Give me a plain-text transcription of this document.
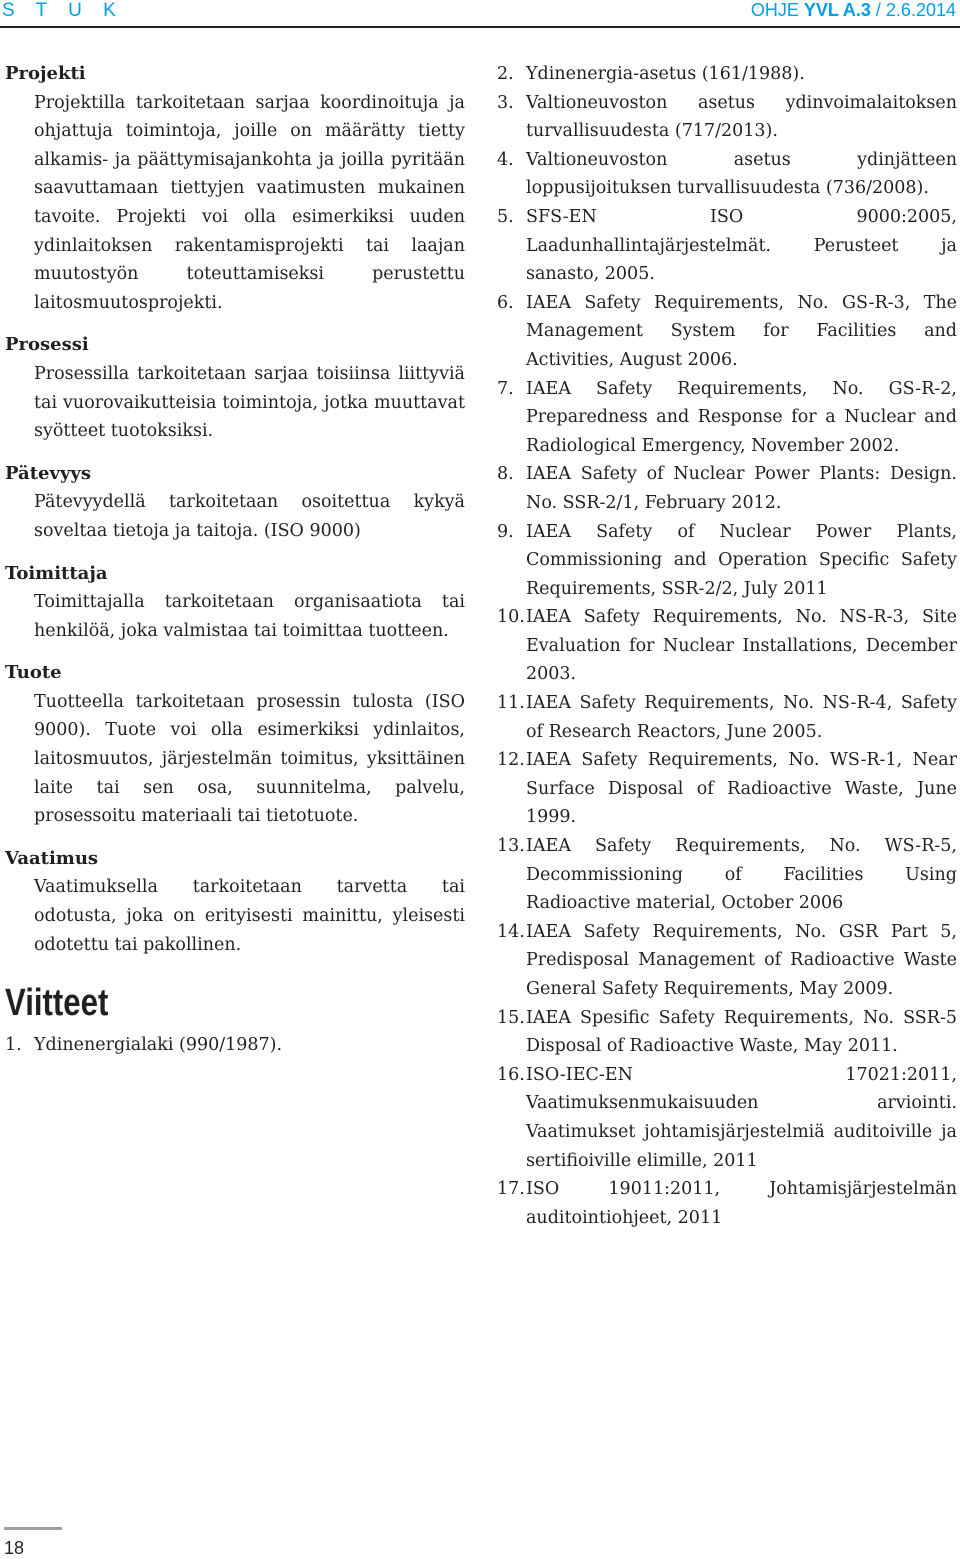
S T U K	OHJE YVL A.3 / 2.6.2014

Projekti

Projektilla tarkoitetaan sarjaa koordinoituja ja ohjattuja toimintoja, joille on määrätty tietty alkamis- ja päättymisajankohta ja joilla pyritään saavuttamaan tiettyjen vaatimusten mukainen tavoite. Projekti voi olla esimerkiksi uuden ydinlaitoksen rakentamisprojekti tai laajan muutostyön toteuttamiseksi perustettu laitosmuutosprojekti.

Prosessi

Prosessilla tarkoitetaan sarjaa toisiinsa liittyviä tai vuorovaikutteisia toimintoja, jotka muuttavat syötteet tuotoksiksi.

Pätevyys

Pätevyydellä tarkoitetaan osoitettua kykyä soveltaa tietoja ja taitoja. (ISO 9000)

Toimittaja

Toimittajalla tarkoitetaan organisaatiota tai henkilöä, joka valmistaa tai toimittaa tuotteen.

Tuote

Tuotteella tarkoitetaan prosessin tulosta (ISO 9000). Tuote voi olla esimerkiksi ydinlaitos, laitosmuutos, järjestelmän toimitus, yksittäinen laite tai sen osa, suunnitelma, palvelu, prosessoitu materiaali tai tietotuote.

Vaatimus

Vaatimuksella tarkoitetaan tarvetta tai odotusta, joka on erityisesti mainittu, yleisesti odotettu tai pakollinen.

Viitteet
1. Ydinenergialaki (990/1987).
2. Ydinenergia-asetus (161/1988).
3. Valtioneuvoston asetus ydinvoimalaitoksen turvallisuudesta (717/2013).
4. Valtioneuvoston asetus ydinjätteen loppusijoituksen turvallisuudesta (736/2008).
5. SFS-EN ISO 9000:2005, Laadunhallintajärjestelmät. Perusteet ja sanasto, 2005.
6. IAEA Safety Requirements, No. GS-R-3, The Management System for Facilities and Activities, August 2006.
7. IAEA Safety Requirements, No. GS-R-2, Preparedness and Response for a Nuclear and Radiological Emergency, November 2002.
8. IAEA Safety of Nuclear Power Plants: Design. No. SSR-2/1, February 2012.
9. IAEA Safety of Nuclear Power Plants, Commissioning and Operation Specific Safety Requirements, SSR-2/2, July 2011
10. IAEA Safety Requirements, No. NS-R-3, Site Evaluation for Nuclear Installations, December 2003.
11. IAEA Safety Requirements, No. NS-R-4, Safety of Research Reactors, June 2005.
12. IAEA Safety Requirements, No. WS-R-1, Near Surface Disposal of Radioactive Waste, June 1999.
13. IAEA Safety Requirements, No. WS-R-5, Decommissioning of Facilities Using Radioactive material, October 2006
14. IAEA Safety Requirements, No. GSR Part 5, Predisposal Management of Radioactive Waste General Safety Requirements, May 2009.
15. IAEA Spesific Safety Requirements, No. SSR-5 Disposal of Radioactive Waste, May 2011.
16. ISO-IEC-EN 17021:2011, Vaatimuksenmukaisuuden arviointi. Vaatimukset johtamisjärjestelmiä auditoiville ja sertifioiville elimille, 2011
17. ISO 19011:2011, Johtamisjärjestelmän auditointiohjeet, 2011
18
